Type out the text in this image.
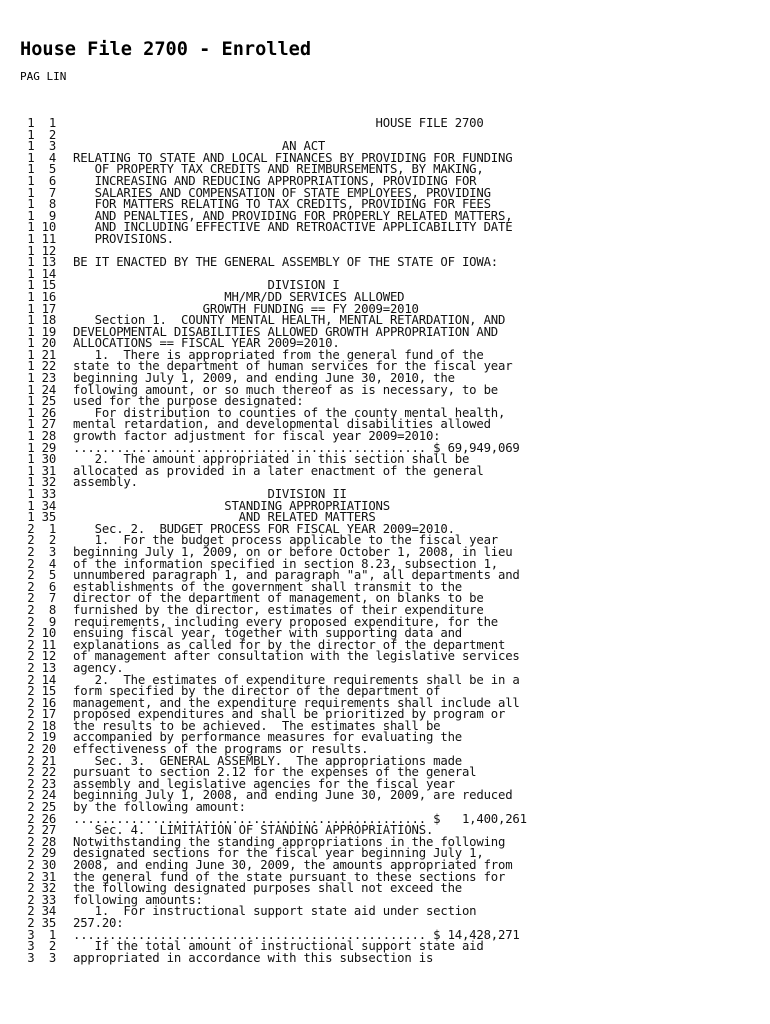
House File 2700 - Enrolled
PAG LIN
1  1                                          HOUSE FILE 2700
1  2
1  3                             AN ACT
1  4 RELATING TO STATE AND LOCAL FINANCES BY PROVIDING FOR FUNDING
1  5   OF PROPERTY TAX CREDITS AND REIMBURSEMENTS, BY MAKING,
1  6   INCREASING AND REDUCING APPROPRIATIONS, PROVIDING FOR
1  7   SALARIES AND COMPENSATION OF STATE EMPLOYEES, PROVIDING
1  8   FOR MATTERS RELATING TO TAX CREDITS, PROVIDING FOR FEES
1  9   AND PENALTIES, AND PROVIDING FOR PROPERLY RELATED MATTERS,
1 10   AND INCLUDING EFFECTIVE AND RETROACTIVE APPLICABILITY DATE
1 11   PROVISIONS.
1 12
1 13 BE IT ENACTED BY THE GENERAL ASSEMBLY OF THE STATE OF IOWA:
1 14
1 15                           DIVISION I
1 16                     MH/MR/DD SERVICES ALLOWED
1 17                  GROWTH FUNDING == FY 2009=2010
1 18   Section 1.  COUNTY MENTAL HEALTH, MENTAL RETARDATION, AND
1 19 DEVELOPMENTAL DISABILITIES ALLOWED GROWTH APPROPRIATION AND
1 20 ALLOCATIONS == FISCAL YEAR 2009=2010.
1 21   1.  There is appropriated from the general fund of the
1 22 state to the department of human services for the fiscal year
1 23 beginning July 1, 2009, and ending June 30, 2010, the
1 24 following amount, or so much thereof as is necessary, to be
1 25 used for the purpose designated:
1 26   For distribution to counties of the county mental health,
1 27 mental retardation, and developmental disabilities allowed
1 28 growth factor adjustment for fiscal year 2009=2010:
1 29 ................................................. $ 69,949,069
1 30   2.  The amount appropriated in this section shall be
1 31 allocated as provided in a later enactment of the general
1 32 assembly.
1 33                           DIVISION II
1 34                     STANDING APPROPRIATIONS
1 35                       AND RELATED MATTERS
2  1   Sec. 2.  BUDGET PROCESS FOR FISCAL YEAR 2009=2010.
2  2   1.  For the budget process applicable to the fiscal year
2  3 beginning July 1, 2009, on or before October 1, 2008, in lieu
2  4 of the information specified in section 8.23, subsection 1,
2  5 unnumbered paragraph 1, and paragraph "a", all departments and
2  6 establishments of the government shall transmit to the
2  7 director of the department of management, on blanks to be
2  8 furnished by the director, estimates of their expenditure
2  9 requirements, including every proposed expenditure, for the
2 10 ensuing fiscal year, together with supporting data and
2 11 explanations as called for by the director of the department
2 12 of management after consultation with the legislative services
2 13 agency.
2 14   2.  The estimates of expenditure requirements shall be in a
2 15 form specified by the director of the department of
2 16 management, and the expenditure requirements shall include all
2 17 proposed expenditures and shall be prioritized by program or
2 18 the results to be achieved.  The estimates shall be
2 19 accompanied by performance measures for evaluating the
2 20 effectiveness of the programs or results.
2 21   Sec. 3.  GENERAL ASSEMBLY.  The appropriations made
2 22 pursuant to section 2.12 for the expenses of the general
2 23 assembly and legislative agencies for the fiscal year
2 24 beginning July 1, 2008, and ending June 30, 2009, are reduced
2 25 by the following amount:
2 26 ................................................. $   1,400,261
2 27   Sec. 4.  LIMITATION OF STANDING APPROPRIATIONS.
2 28 Notwithstanding the standing appropriations in the following
2 29 designated sections for the fiscal year beginning July 1,
2 30 2008, and ending June 30, 2009, the amounts appropriated from
2 31 the general fund of the state pursuant to these sections for
2 32 the following designated purposes shall not exceed the
2 33 following amounts:
2 34   1.  For instructional support state aid under section
2 35 257.20:
3  1 ................................................. $ 14,428,271
3  2   If the total amount of instructional support state aid
3  3 appropriated in accordance with this subsection is
